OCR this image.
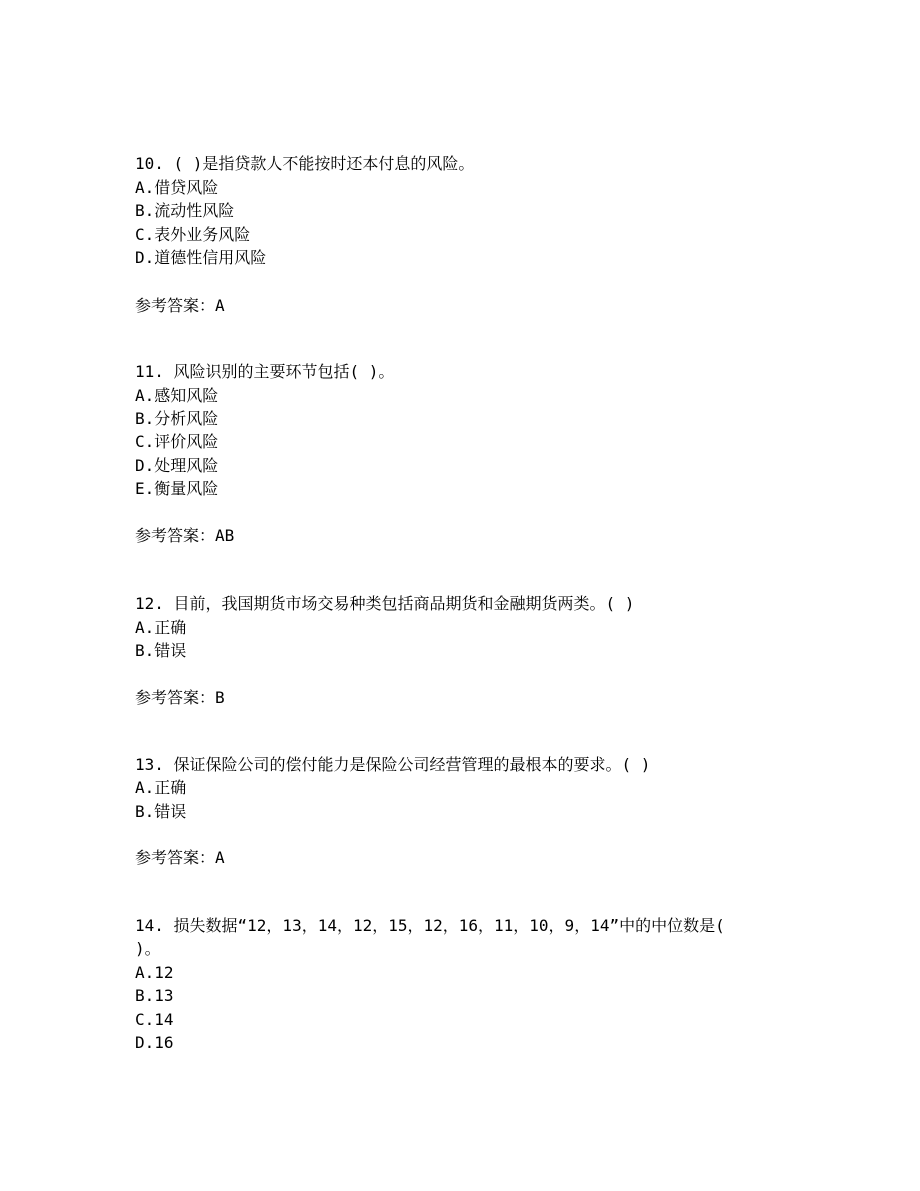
10. ( )是指贷款人不能按时还本付息的风险。
A.借贷风险
B.流动性风险
C.表外业务风险
D.道德性信用风险
参考答案：A
11. 风险识别的主要环节包括( )。
A.感知风险
B.分析风险
C.评价风险
D.处理风险
E.衡量风险
参考答案：AB
12. 目前，我国期货市场交易种类包括商品期货和金融期货两类。( )
A.正确
B.错误
参考答案：B
13. 保证保险公司的偿付能力是保险公司经营管理的最根本的要求。( )
A.正确
B.错误
参考答案：A
14. 损失数据“12，13，14，12，15，12，16，11，10，9，14”中的中位数是(
)。
A.12
B.13
C.14
D.16
